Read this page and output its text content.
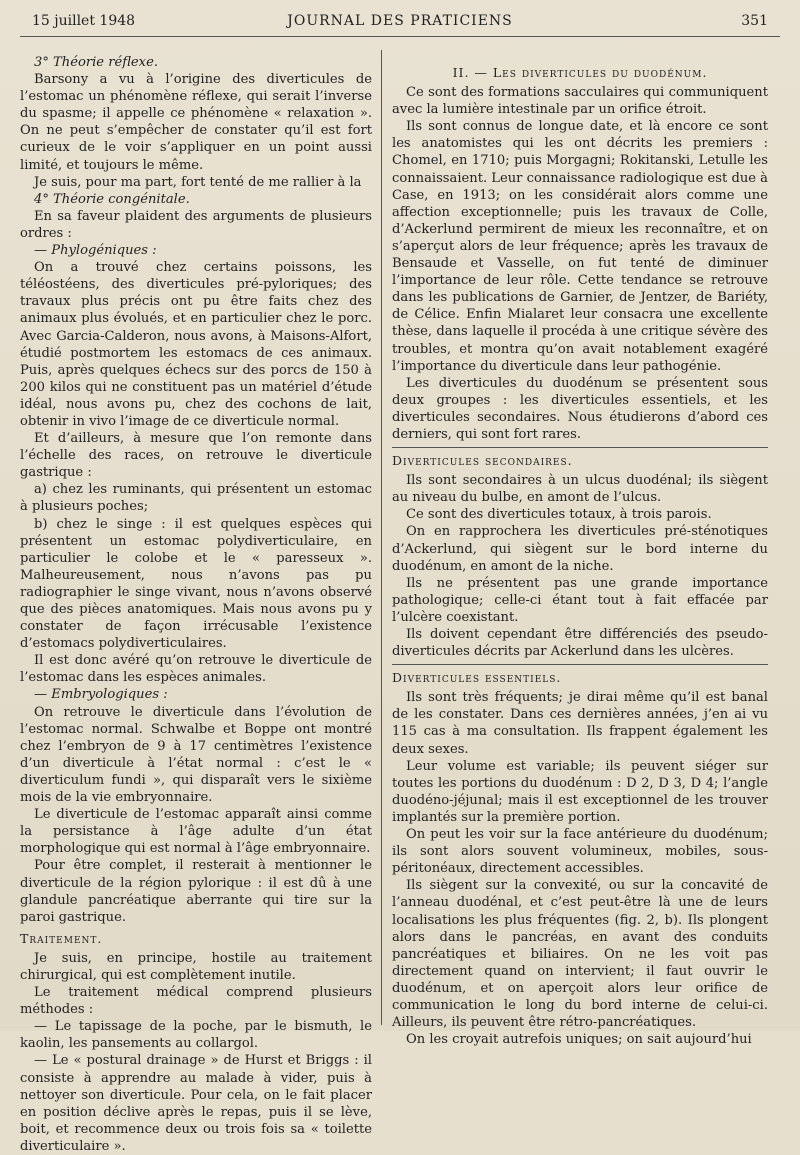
15 juillet 1948	JOURNAL DES PRATICIENS	351

3° Théorie réflexe.

Barsony a vu à l’origine des diverticules de l’estomac un phénomène réflexe, qui serait l’inverse du spasme; il appelle ce phénomène « relaxation ». On ne peut s’empêcher de constater qu’il est fort curieux de le voir s’appliquer en un point aussi limité, et toujours le même.

Je suis, pour ma part, fort tenté de me rallier à la

4° Théorie congénitale.

En sa faveur plaident des arguments de plusieurs ordres :

— Phylogéniques :

On a trouvé chez certains poissons, les téléostéens, des diverticules pré-pyloriques; des travaux plus précis ont pu être faits chez des animaux plus évolués, et en particulier chez le porc. Avec Garcia-Calderon, nous avons, à Maisons-Alfort, étudié postmortem les estomacs de ces animaux. Puis, après quelques échecs sur des porcs de 150 à 200 kilos qui ne constituent pas un matériel d’étude idéal, nous avons pu, chez des cochons de lait, obtenir in vivo l’image de ce diverticule normal.

Et d’ailleurs, à mesure que l’on remonte dans l’échelle des races, on retrouve le diverticule gastrique :

a) chez les ruminants, qui présentent un estomac à plusieurs poches;

b) chez le singe : il est quelques espèces qui présentent un estomac polydiverticulaire, en particulier le colobe et le « paresseux ». Malheureusement, nous n’avons pas pu radiographier le singe vivant, nous n’avons observé que des pièces anatomiques. Mais nous avons pu y constater de façon irrécusable l’existence d’estomacs polydiverticulaires.

Il est donc avéré qu’on retrouve le diverticule de l’estomac dans les espèces animales.

— Embryologiques :

On retrouve le diverticule dans l’évolution de l’estomac normal. Schwalbe et Boppe ont montré chez l’embryon de 9 à 17 centimètres l’existence d’un diverticule à l’état normal : c’est le « diverticulum fundi », qui disparaît vers le sixième mois de la vie embryonnaire.

Le diverticule de l’estomac apparaît ainsi comme la persistance à l’âge adulte d’un état morphologique qui est normal à l’âge embryonnaire.

Pour être complet, il resterait à mentionner le diverticule de la région pylorique : il est dû à une glandule pancréatique aberrante qui tire sur la paroi gastrique.

Traitement.

Je suis, en principe, hostile au traitement chirurgical, qui est complètement inutile.

Le traitement médical comprend plusieurs méthodes :

— Le tapissage de la poche, par le bismuth, le kaolin, les pansements au collargol.

— Le « postural drainage » de Hurst et Briggs : il consiste à apprendre au malade à vider, puis à nettoyer son diverticule. Pour cela, on le fait placer en position déclive après le repas, puis il se lève, boit, et recommence deux ou trois fois sa « toilette diverticulaire ».

II. — Les diverticules du duodénum.

Ce sont des formations sacculaires qui communiquent avec la lumière intestinale par un orifice étroit.

Ils sont connus de longue date, et là encore ce sont les anatomistes qui les ont décrits les premiers : Chomel, en 1710; puis Morgagni; Rokitanski, Letulle les connaissaient. Leur connaissance radiologique est due à Case, en 1913; on les considérait alors comme une affection exceptionnelle; puis les travaux de Colle, d’Ackerlund permirent de mieux les reconnaître, et on s’aperçut alors de leur fréquence; après les travaux de Bensaude et Vasselle, on fut tenté de diminuer l’importance de leur rôle. Cette tendance se retrouve dans les publications de Garnier, de Jentzer, de Bariéty, de Célice. Enfin Mialaret leur consacra une excellente thèse, dans laquelle il procéda à une critique sévère des troubles, et montra qu’on avait notablement exagéré l’importance du diverticule dans leur pathogénie.

Les diverticules du duodénum se présentent sous deux groupes : les diverticules essentiels, et les diverticules secondaires. Nous étudierons d’abord ces derniers, qui sont fort rares.

Diverticules secondaires.

Ils sont secondaires à un ulcus duodénal; ils siègent au niveau du bulbe, en amont de l’ulcus.

Ce sont des diverticules totaux, à trois parois.

On en rapprochera les diverticules pré-sténotiques d’Ackerlund, qui siègent sur le bord interne du duodénum, en amont de la niche.

Ils ne présentent pas une grande importance pathologique; celle-ci étant tout à fait effacée par l’ulcère coexistant.

Ils doivent cependant être différenciés des pseudo-diverticules décrits par Ackerlund dans les ulcères.

Diverticules essentiels.

Ils sont très fréquents; je dirai même qu’il est banal de les constater. Dans ces dernières années, j’en ai vu 115 cas à ma consultation. Ils frappent également les deux sexes.

Leur volume est variable; ils peuvent siéger sur toutes les portions du duodénum : D 2, D 3, D 4; l’angle duodéno-jéjunal; mais il est exceptionnel de les trouver implantés sur la première portion.

On peut les voir sur la face antérieure du duodénum; ils sont alors souvent volumineux, mobiles, sous-péritonéaux, directement accessibles.

Ils siègent sur la convexité, ou sur la concavité de l’anneau duodénal, et c’est peut-être là une de leurs localisations les plus fréquentes (fig. 2, b). Ils plongent alors dans le pancréas, en avant des conduits pancréatiques et biliaires. On ne les voit pas directement quand on intervient; il faut ouvrir le duodénum, et on aperçoit alors leur orifice de communication le long du bord interne de celui-ci. Ailleurs, ils peuvent être rétro-pancréatiques.

On les croyait autrefois uniques; on sait aujourd’hui
